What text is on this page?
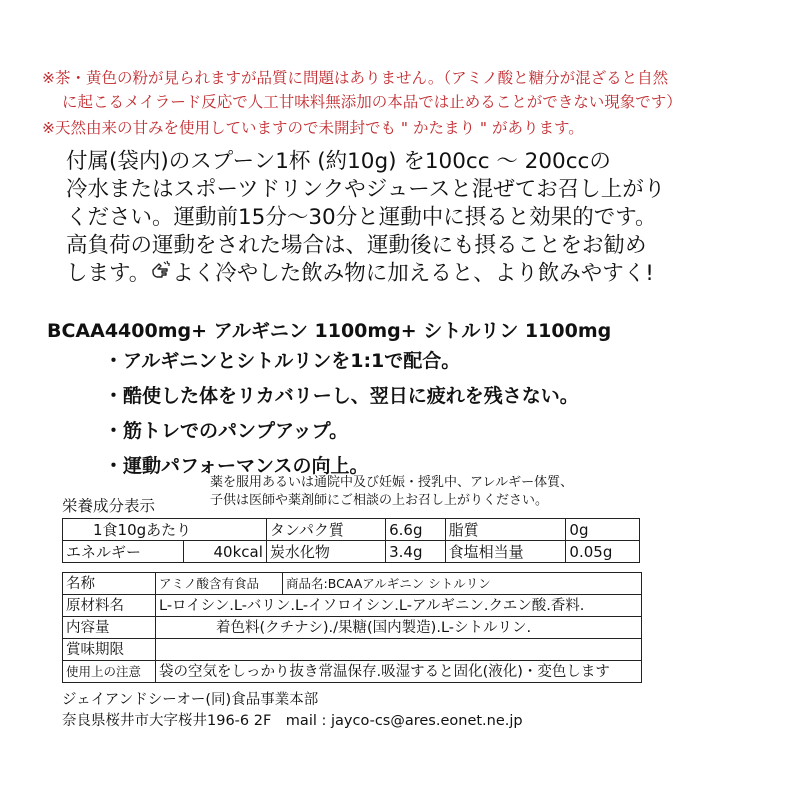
※茶・黄色の粉が見られますが品質に問題はありません。（アミノ酸と糖分が混ざると自然
に起こるメイラード反応で人工甘味料無添加の本品では止めることができない現象です）
※天然由来の甘みを使用していますので未開封でも " かたまり " があります。
付属(袋内)のスプーン1杯 (約10g) を100cc ～ 200ccの
冷水またはスポーツドリンクやジュースと混ぜてお召し上がり
ください。運動前15分～30分と運動中に摂ると効果的です。
高負荷の運動をされた場合は、運動後にも摂ることをお勧め
します。 よく冷やした飲み物に加えると、より飲みやすく!
BCAA4400mg+ アルギニン 1100mg+ シトルリン 1100mg
・アルギニンとシトルリンを1:1で配合。
・酷使した体をリカバリーし、翌日に疲れを残さない。
・筋トレでのパンプアップ。
・運動パフォーマンスの向上。
薬を服用あるいは通院中及び妊娠・授乳中、アレルギー体質、
子供は医師や薬剤師にご相談の上お召し上がりください。
栄養成分表示
1食10gあたり		タンパク質	6.6g	脂質	0g
エネルギー	40kcal	炭水化物	3.4g	食塩相当量	0.05g
名称	アミノ酸含有食品	商品名:BCAAアルギニン シトルリン
原材料名	L-ロイシン.L-バリン.L-イソロイシン.L-アルギニン.クエン酸.香料.	
内容量	着色料(クチナシ)./果糖(国内製造).L-シトルリン.	
賞味期限		
使用上の注意	袋の空気をしっかり抜き常温保存.吸湿すると固化(液化)・変色します	
ジェイアンドシーオー(同)食品事業本部
奈良県桜井市大字桜井196-6 2F　mail : jayco-cs@ares.eonet.ne.jp
